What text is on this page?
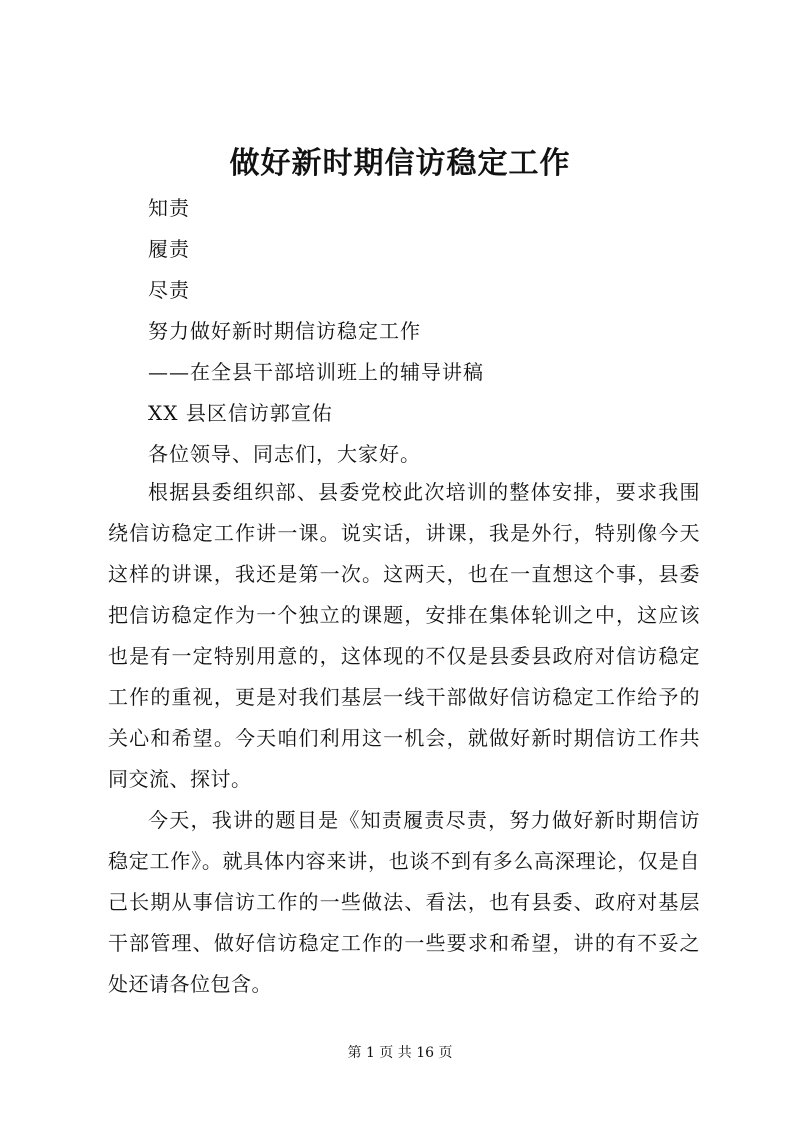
做好新时期信访稳定工作
知责
履责
尽责
努力做好新时期信访稳定工作
——在全县干部培训班上的辅导讲稿
XX 县区信访郭宣佑
各位领导、同志们，大家好。

根据县委组织部、县委党校此次培训的整体安排，要求我围绕信访稳定工作讲一课。说实话，讲课，我是外行，特别像今天这样的讲课，我还是第一次。这两天，也在一直想这个事，县委把信访稳定作为一个独立的课题，安排在集体轮训之中，这应该也是有一定特别用意的，这体现的不仅是县委县政府对信访稳定工作的重视，更是对我们基层一线干部做好信访稳定工作给予的关心和希望。今天咱们利用这一机会，就做好新时期信访工作共同交流、探讨。

今天，我讲的题目是《知责履责尽责，努力做好新时期信访稳定工作》。就具体内容来讲，也谈不到有多么高深理论，仅是自己长期从事信访工作的一些做法、看法，也有县委、政府对基层干部管理、做好信访稳定工作的一些要求和希望，讲的有不妥之处还请各位包含。

第 1 页 共 16 页
